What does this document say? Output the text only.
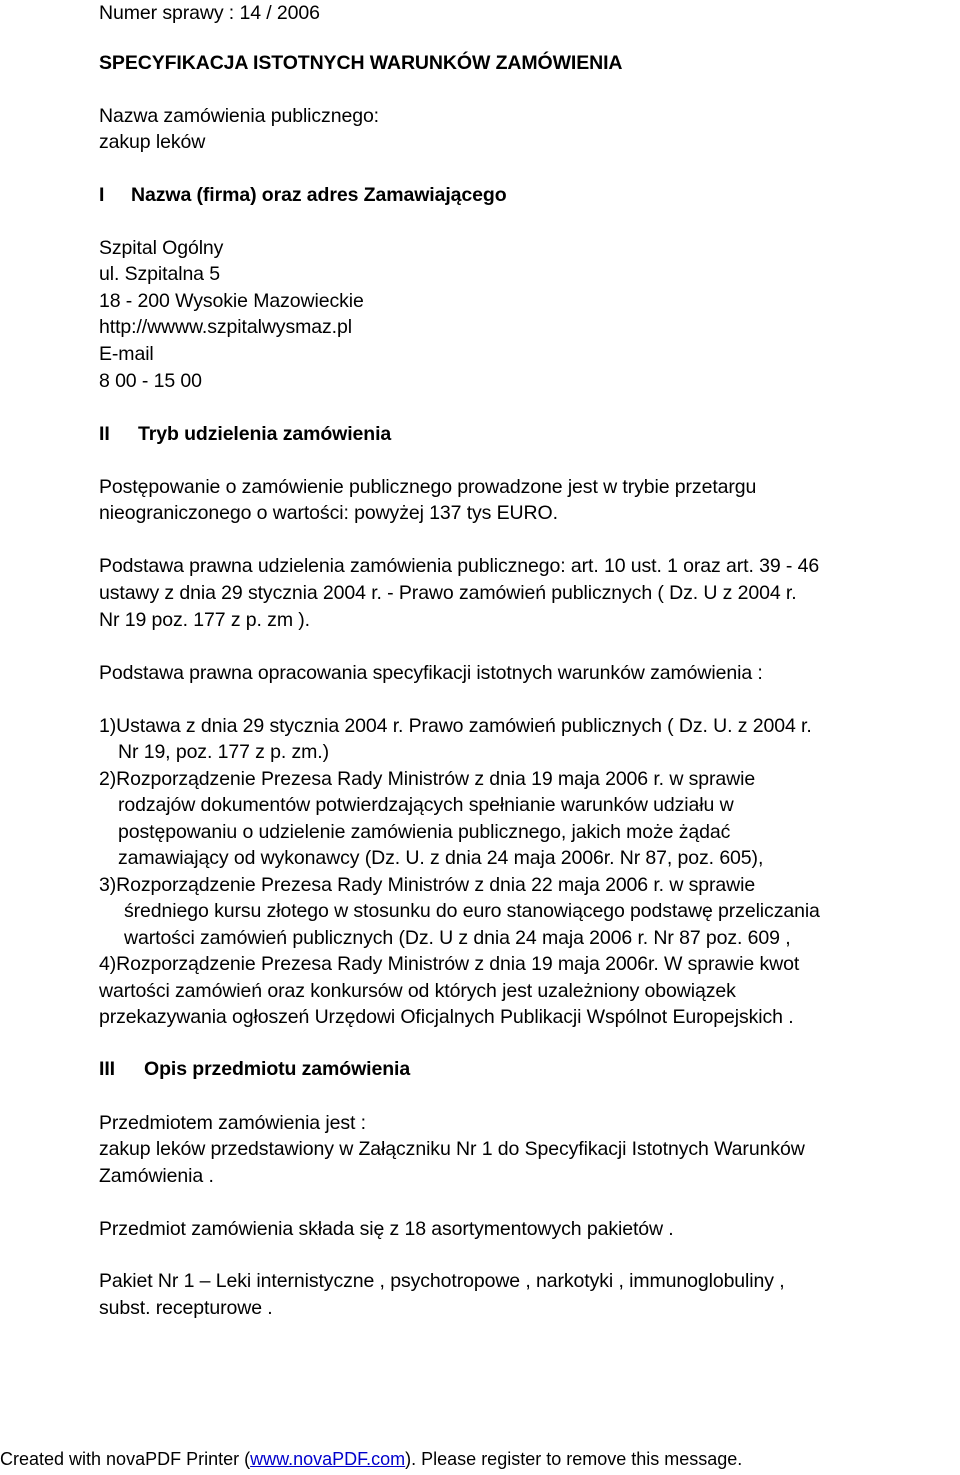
Numer sprawy : 14 / 2006
SPECYFIKACJA ISTOTNYCH WARUNKÓW ZAMÓWIENIA
Nazwa zamówienia publicznego:
zakup leków
I Nazwa (firma) oraz adres Zamawiającego
Szpital Ogólny
ul. Szpitalna 5
18 - 200 Wysokie Mazowieckie
http://wwww.szpitalwysmaz.pl
E-mail
8 00 - 15 00
II Tryb udzielenia zamówienia
Postępowanie o zamówienie publicznego prowadzone jest w trybie przetargu
nieograniczonego o wartości: powyżej 137 tys EURO.
Podstawa prawna udzielenia zamówienia publicznego: art. 10 ust. 1 oraz art. 39 - 46
ustawy z dnia 29 stycznia 2004 r. - Prawo zamówień publicznych ( Dz. U z 2004 r.
Nr 19 poz. 177 z p. zm ).
Podstawa prawna opracowania specyfikacji istotnych warunków zamówienia :
1)Ustawa z dnia 29 stycznia 2004 r. Prawo zamówień publicznych ( Dz. U. z 2004 r.
Nr 19, poz. 177 z p. zm.)
2)Rozporządzenie Prezesa Rady Ministrów z dnia 19 maja 2006 r. w sprawie
rodzajów dokumentów potwierdzających spełnianie warunków udziału w
postępowaniu o udzielenie zamówienia publicznego, jakich może żądać
zamawiający od wykonawcy (Dz. U. z dnia 24 maja 2006r. Nr 87, poz. 605),
3)Rozporządzenie Prezesa Rady Ministrów z dnia 22 maja 2006 r. w sprawie
średniego kursu złotego w stosunku do euro stanowiącego podstawę przeliczania
wartości zamówień publicznych (Dz. U z dnia 24 maja 2006 r. Nr 87 poz. 609 ,
4)Rozporządzenie Prezesa Rady Ministrów z dnia 19 maja 2006r. W sprawie kwot
wartości zamówień oraz konkursów od których jest uzależniony obowiązek
przekazywania ogłoszeń Urzędowi Oficjalnych Publikacji Wspólnot Europejskich .
III Opis przedmiotu zamówienia
Przedmiotem zamówienia jest :
zakup leków przedstawiony w Załączniku Nr 1 do Specyfikacji Istotnych Warunków
Zamówienia .
Przedmiot zamówienia składa się z 18 asortymentowych pakietów .
Pakiet Nr 1 – Leki internistyczne , psychotropowe , narkotyki , immunoglobuliny ,
subst. recepturowe .
Created with novaPDF Printer (www.novaPDF.com). Please register to remove this message.
